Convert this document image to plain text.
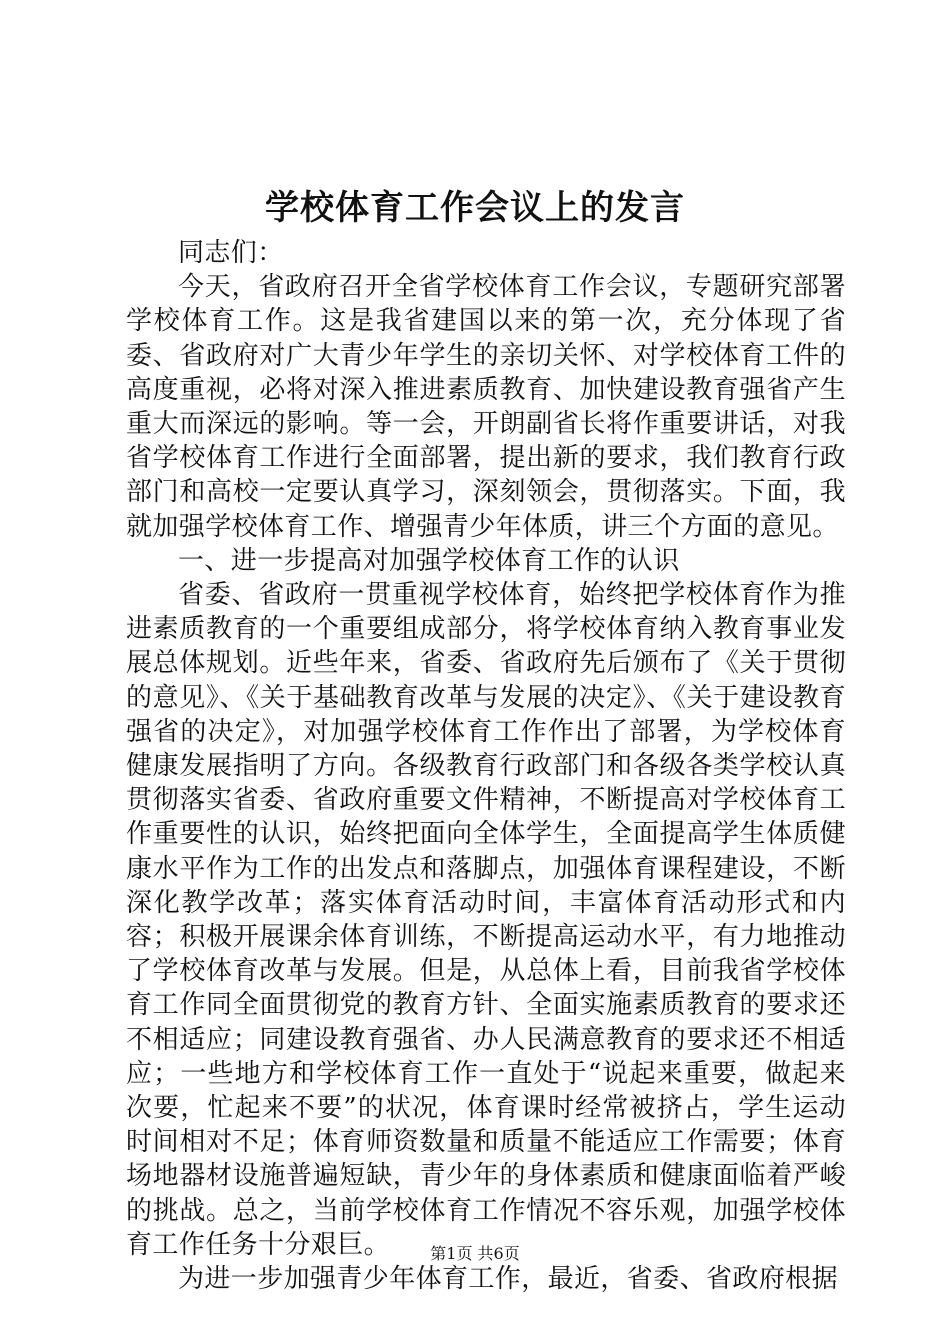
学校体育工作会议上的发言

同志们：

今天，省政府召开全省学校体育工作会议，专题研究部署学校体育工作。这是我省建国以来的第一次，充分体现了省委、省政府对广大青少年学生的亲切关怀、对学校体育工件的高度重视，必将对深入推进素质教育、加快建设教育强省产生重大而深远的影响。等一会，开朗副省长将作重要讲话，对我省学校体育工作进行全面部署，提出新的要求，我们教育行政部门和高校一定要认真学习，深刻领会，贯彻落实。下面，我就加强学校体育工作、增强青少年体质，讲三个方面的意见。

一、进一步提高对加强学校体育工作的认识

省委、省政府一贯重视学校体育，始终把学校体育作为推进素质教育的一个重要组成部分，将学校体育纳入教育事业发展总体规划。近些年来，省委、省政府先后颁布了《关于贯彻的意见》、《关于基础教育改革与发展的决定》、《关于建设教育强省的决定》，对加强学校体育工作作出了部署，为学校体育健康发展指明了方向。各级教育行政部门和各级各类学校认真贯彻落实省委、省政府重要文件精神，不断提高对学校体育工作重要性的认识，始终把面向全体学生，全面提高学生体质健康水平作为工作的出发点和落脚点，加强体育课程建设，不断深化教学改革；落实体育活动时间，丰富体育活动形式和内容；积极开展课余体育训练，不断提高运动水平，有力地推动了学校体育改革与发展。但是，从总体上看，目前我省学校体育工作同全面贯彻党的教育方针、全面实施素质教育的要求还不相适应；同建设教育强省、办人民满意教育的要求还不相适应；一些地方和学校体育工作一直处于“说起来重要，做起来次要，忙起来不要”的状况，体育课时经常被挤占，学生运动时间相对不足；体育师资数量和质量不能适应工作需要；体育场地器材设施普遍短缺，青少年的身体素质和健康面临着严峻的挑战。总之，当前学校体育工作情况不容乐观，加强学校体育工作任务十分艰巨。

为进一步加强青少年体育工作，最近，省委、省政府根据

第1页 共6页
